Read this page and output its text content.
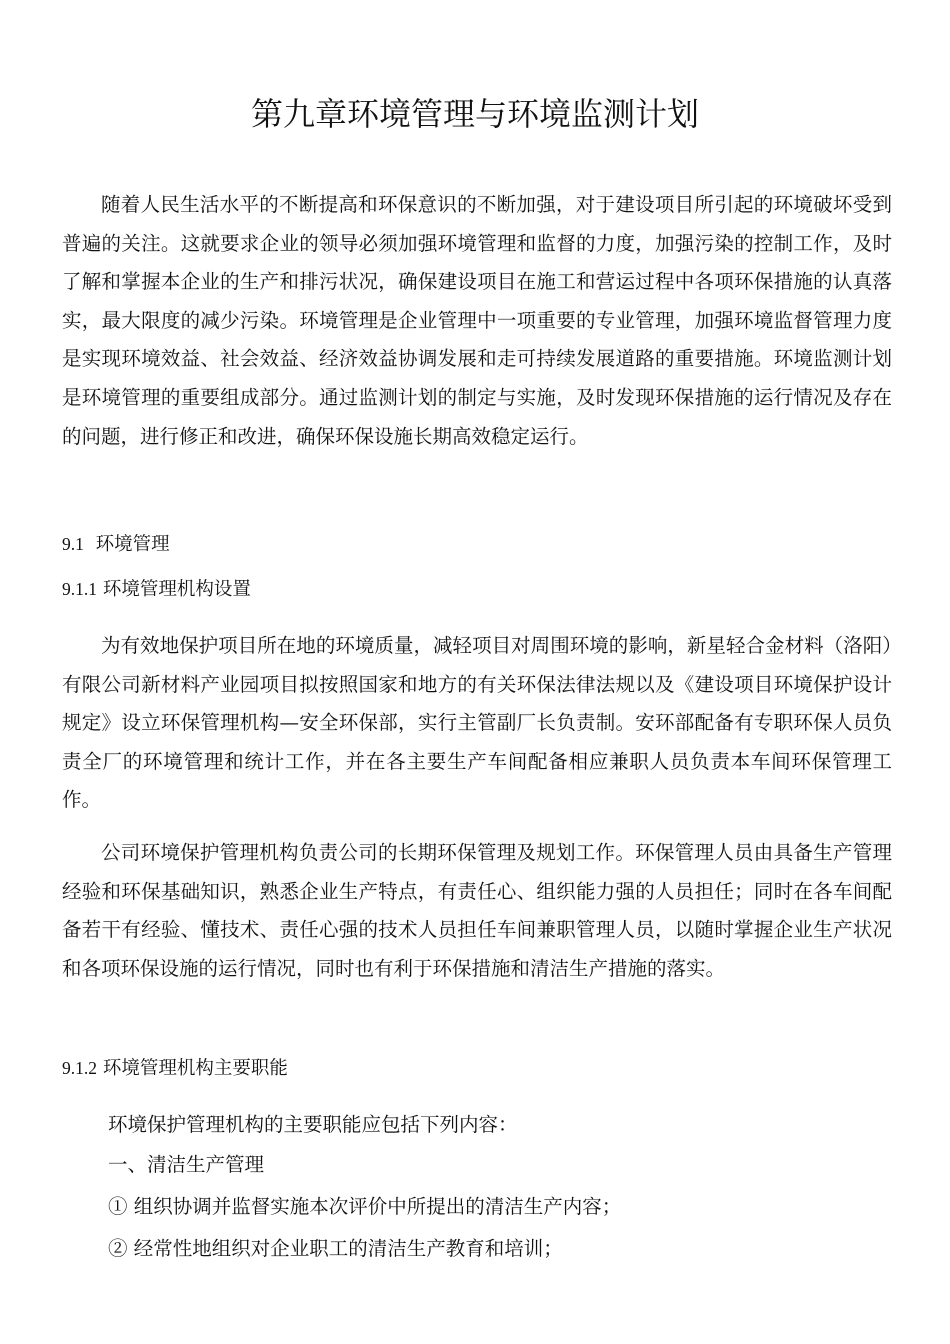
第九章环境管理与环境监测计划

随着人民生活水平的不断提高和环保意识的不断加强，对于建设项目所引起的环境破坏受到普遍的关注。这就要求企业的领导必须加强环境管理和监督的力度，加强污染的控制工作，及时了解和掌握本企业的生产和排污状况，确保建设项目在施工和营运过程中各项环保措施的认真落实，最大限度的减少污染。环境管理是企业管理中一项重要的专业管理，加强环境监督管理力度是实现环境效益、社会效益、经济效益协调发展和走可持续发展道路的重要措施。环境监测计划是环境管理的重要组成部分。通过监测计划的制定与实施，及时发现环保措施的运行情况及存在的问题，进行修正和改进，确保环保设施长期高效稳定运行。

9.1 环境管理
9.1.1 环境管理机构设置

为有效地保护项目所在地的环境质量，减轻项目对周围环境的影响，新星轻合金材料（洛阳）有限公司新材料产业园项目拟按照国家和地方的有关环保法律法规以及《建设项目环境保护设计规定》设立环保管理机构—安全环保部，实行主管副厂长负责制。安环部配备有专职环保人员负责全厂的环境管理和统计工作，并在各主要生产车间配备相应兼职人员负责本车间环保管理工作。

公司环境保护管理机构负责公司的长期环保管理及规划工作。环保管理人员由具备生产管理经验和环保基础知识，熟悉企业生产特点，有责任心、组织能力强的人员担任；同时在各车间配备若干有经验、懂技术、责任心强的技术人员担任车间兼职管理人员，以随时掌握企业生产状况和各项环保设施的运行情况，同时也有利于环保措施和清洁生产措施的落实。

9.1.2 环境管理机构主要职能

环境保护管理机构的主要职能应包括下列内容：

一、清洁生产管理

① 组织协调并监督实施本次评价中所提出的清洁生产内容；

② 经常性地组织对企业职工的清洁生产教育和培训；
